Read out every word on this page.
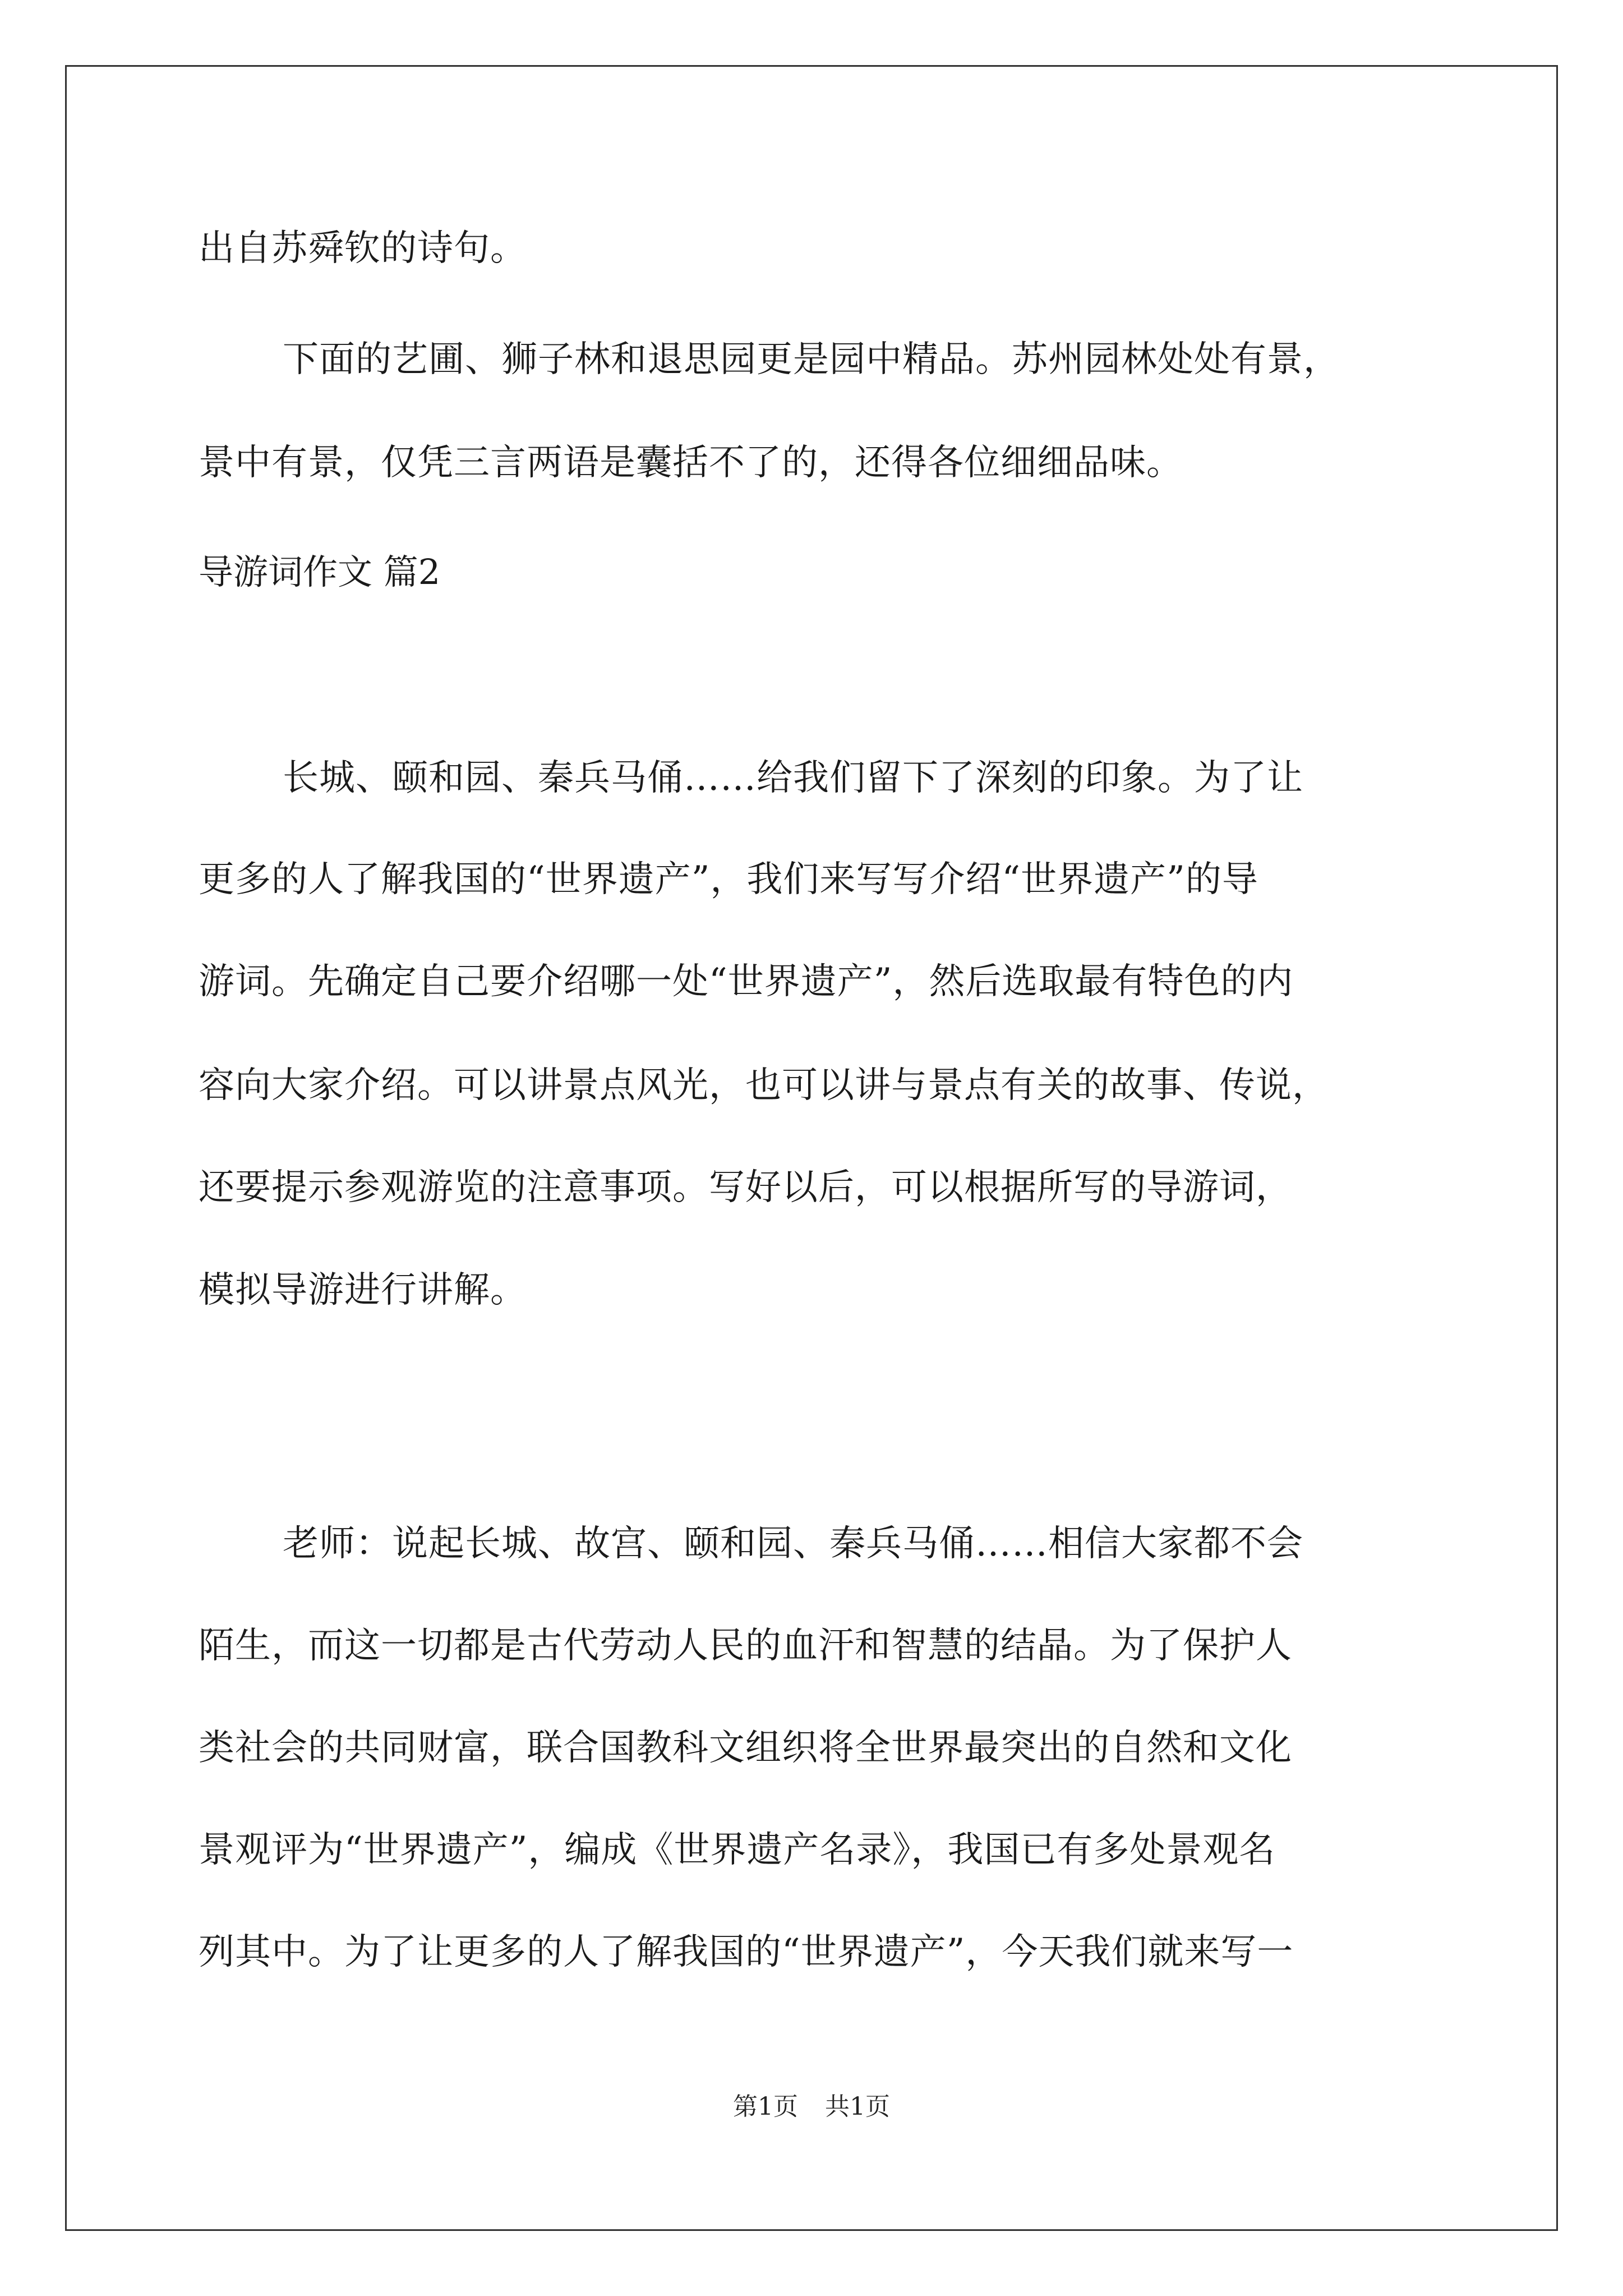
出自苏舜钦的诗句。
下面的艺圃、狮子林和退思园更是园中精品。苏州园林处处有景，
景中有景，仅凭三言两语是囊括不了的，还得各位细细品味。
导游词作文 篇2
长城、颐和园、秦兵马俑……给我们留下了深刻的印象。为了让
更多的人了解我国的“世界遗产”，我们来写写介绍“世界遗产”的导
游词。先确定自己要介绍哪一处“世界遗产”，然后选取最有特色的内
容向大家介绍。可以讲景点风光，也可以讲与景点有关的故事、传说，
还要提示参观游览的注意事项。写好以后，可以根据所写的导游词，
模拟导游进行讲解。
老师：说起长城、故宫、颐和园、秦兵马俑……相信大家都不会
陌生，而这一切都是古代劳动人民的血汗和智慧的结晶。为了保护人
类社会的共同财富，联合国教科文组织将全世界最突出的自然和文化
景观评为“世界遗产”，编成《世界遗产名录》，我国已有多处景观名
列其中。为了让更多的人了解我国的“世界遗产”，今天我们就来写一
第1页 共1页
